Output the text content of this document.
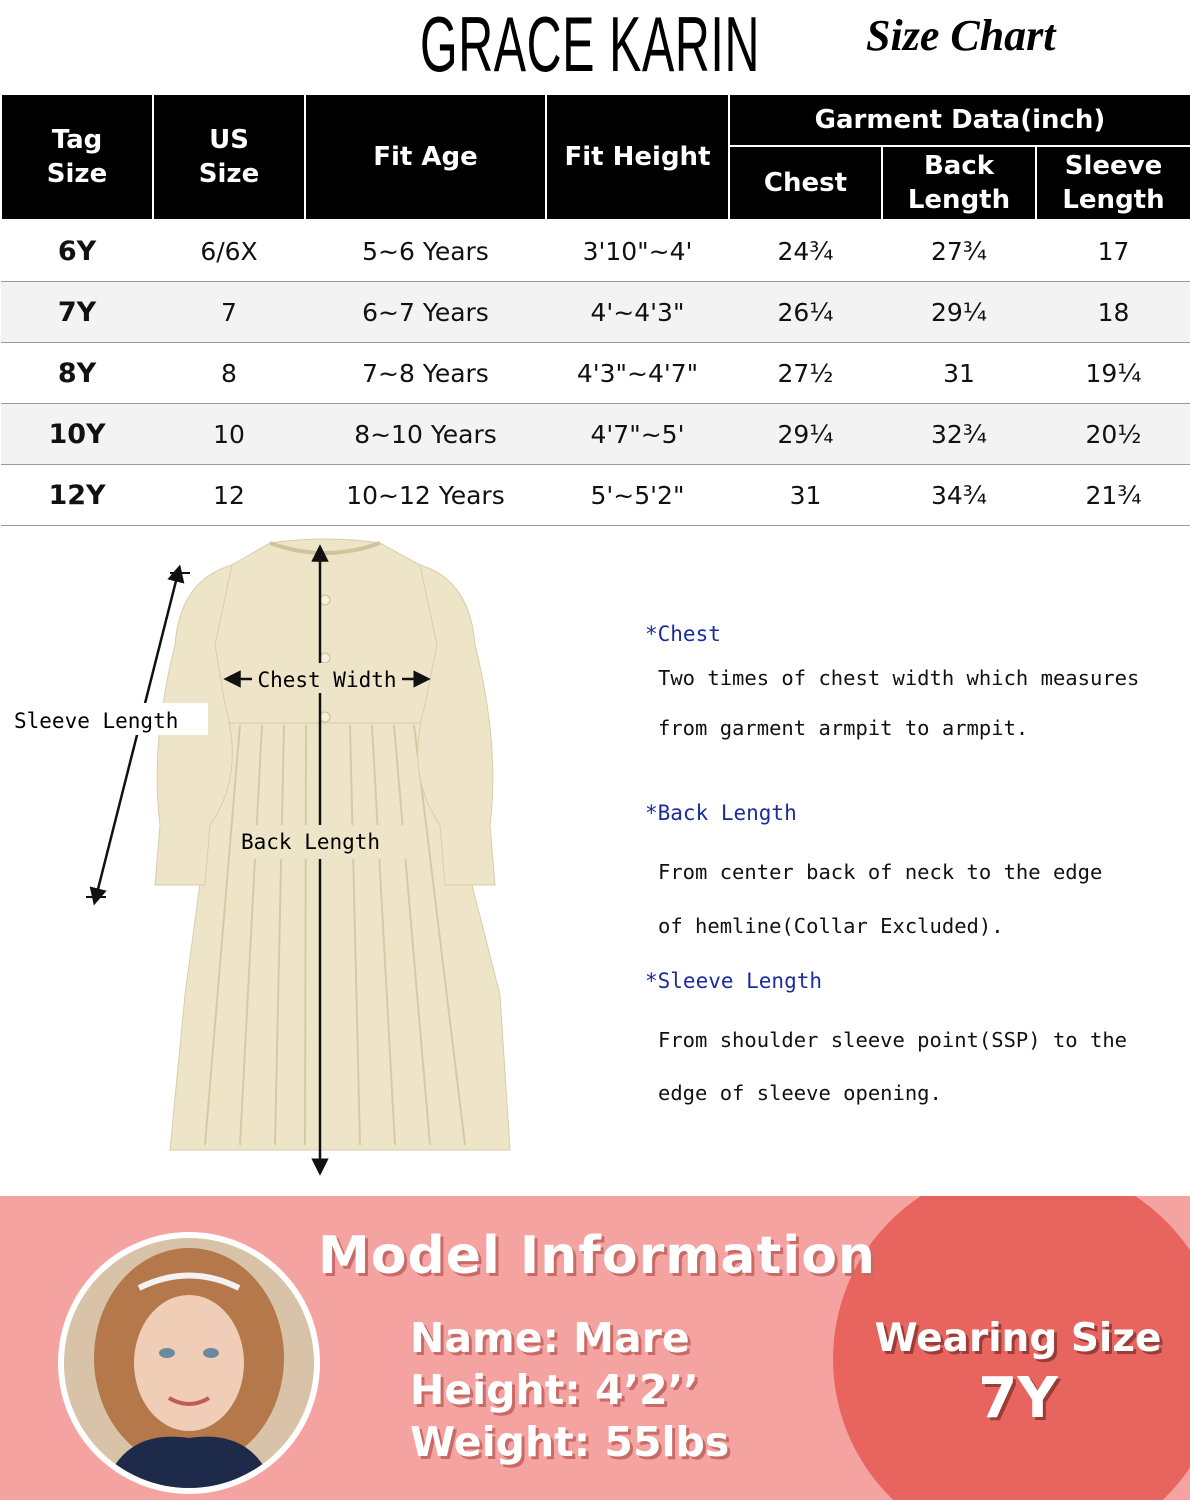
GRACE KARIN Size Chart
Tag Size	US Size	Fit Age	Fit Height	Garment Data(inch)		
				Chest	Back Length	Sleeve Length
6Y	6/6X	5~6 Years	3'10"~4'	24¾	27¾	17
7Y	7	6~7 Years	4'~4'3"	26¼	29¼	18
8Y	8	7~8 Years	4'3"~4'7"	27½	31	19¼
10Y	10	8~10 Years	4'7"~5'	29¼	32¾	20½
12Y	12	10~12 Years	5'~5'2"	31	34¾	21¾
Chest Width
Sleeve Length
Back Length
*Chest
Two times of chest width which measures
from garment armpit to armpit.
*Back Length
From center back of neck to the edge
of hemline(Collar Excluded).
*Sleeve Length
From shoulder sleeve point(SSP) to the
edge of sleeve opening.
Model Information
Name: Mare
Height: 4’2’’
Weight: 55lbs
Wearing Size
7Y
